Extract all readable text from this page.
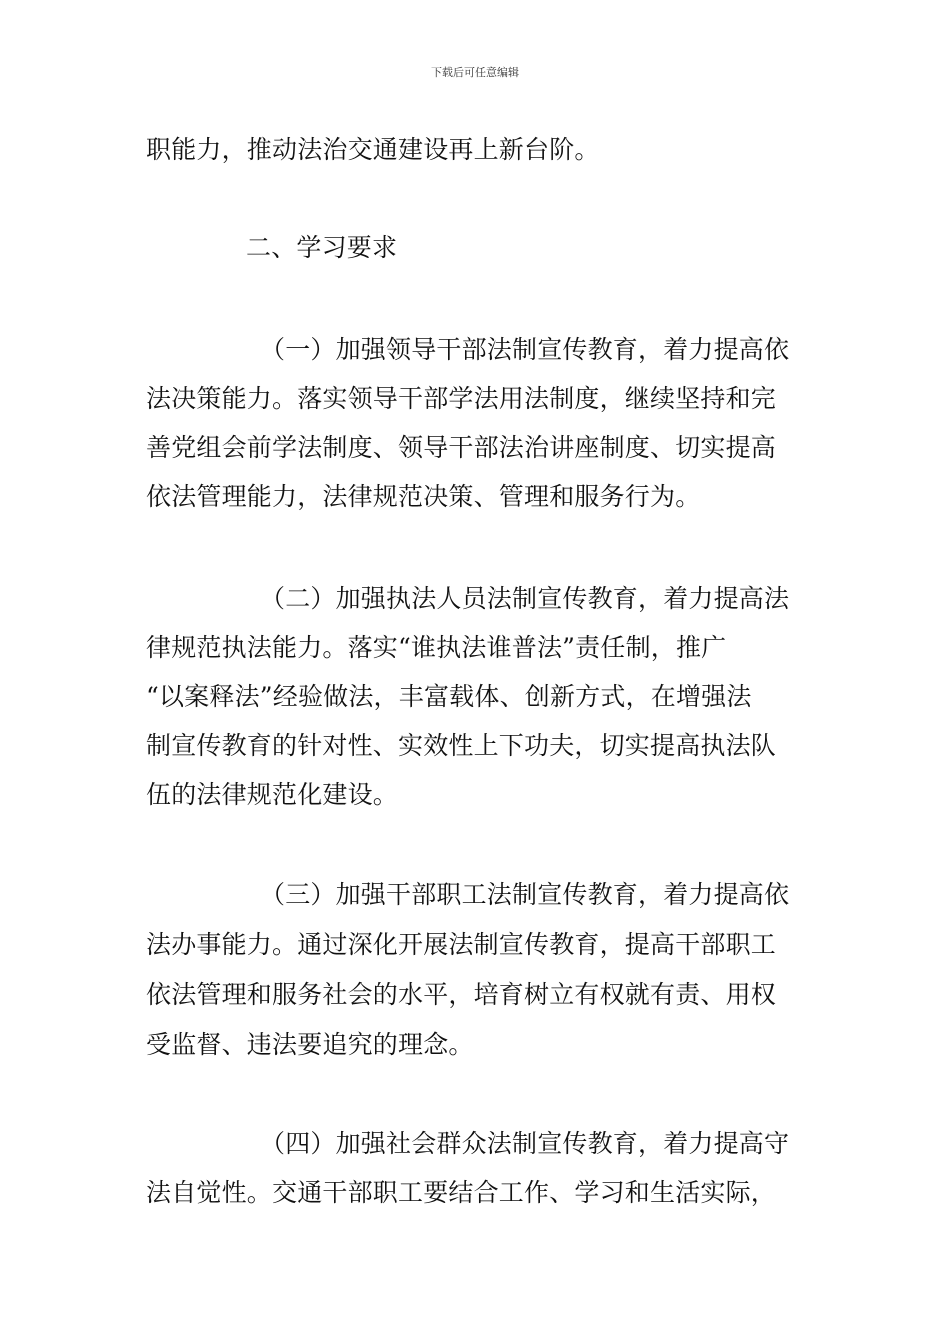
下载后可任意编辑
职能力，推动法治交通建设再上新台阶。
二、学习要求
（一）加强领导干部法制宣传教育，着力提高依
法决策能力。落实领导干部学法用法制度，继续坚持和完
善党组会前学法制度、领导干部法治讲座制度、切实提高
依法管理能力，法律规范决策、管理和服务行为。
（二）加强执法人员法制宣传教育，着力提高法
律规范执法能力。落实“谁执法谁普法”责任制，推广
“以案释法”经验做法，丰富载体、创新方式，在增强法
制宣传教育的针对性、实效性上下功夫，切实提高执法队
伍的法律规范化建设。
（三）加强干部职工法制宣传教育，着力提高依
法办事能力。通过深化开展法制宣传教育，提高干部职工
依法管理和服务社会的水平，培育树立有权就有责、用权
受监督、违法要追究的理念。
（四）加强社会群众法制宣传教育，着力提高守
法自觉性。交通干部职工要结合工作、学习和生活实际，
